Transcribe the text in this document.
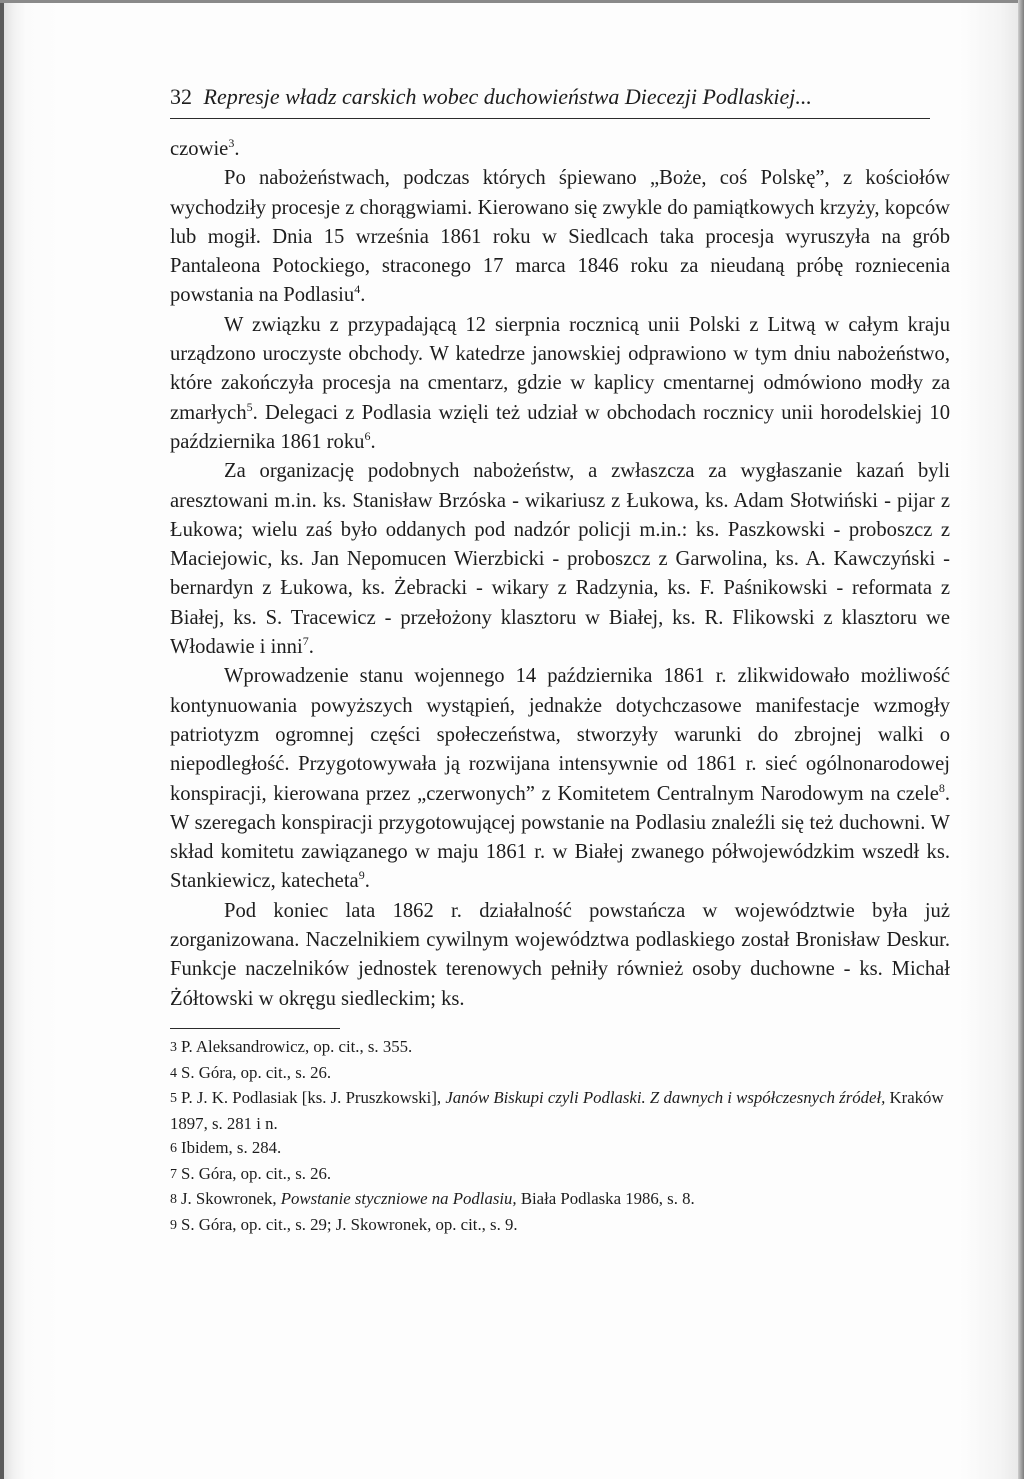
32 Represje władz carskich wobec duchowieństwa Diecezji Podlaskiej...

czowie$^3$.

Po nabożeństwach, podczas których śpiewano „Boże, coś Polskę”, z kościołów wychodziły procesje z chorągwiami. Kierowano się zwykle do pamiątkowych krzyży, kopców lub mogił. Dnia 15 września 1861 roku w Siedlcach taka procesja wyruszyła na grób Pantaleona Potockiego, straconego 17 marca 1846 roku za nieudaną próbę rozniecenia powstania na Podlasiu$^4$.

W związku z przypadającą 12 sierpnia rocznicą unii Polski z Litwą w całym kraju urządzono uroczyste obchody. W katedrze janowskiej odprawiono w tym dniu nabożeństwo, które zakończyła procesja na cmentarz, gdzie w kaplicy cmentarnej odmówiono modły za zmarłych$^5$. Delegaci z Podlasia wzięli też udział w obchodach rocznicy unii horodelskiej 10 października 1861 roku$^6$.

Za organizację podobnych nabożeństw, a zwłaszcza za wygłaszanie kazań byli aresztowani m.in. ks. Stanisław Brzóska - wikariusz z Łukowa, ks. Adam Słotwiński - pijar z Łukowa; wielu zaś było oddanych pod nadzór policji m.in.: ks. Paszkowski - proboszcz z Maciejowic, ks. Jan Nepomucen Wierzbicki - proboszcz z Garwolina, ks. A. Kawczyński - bernardyn z Łukowa, ks. Żebracki - wikary z Radzynia, ks. F. Paśnikowski - reformata z Białej, ks. S. Tracewicz - przełożony klasztoru w Białej, ks. R. Flikowski z klasztoru we Włodawie i inni$^7$.

Wprowadzenie stanu wojennego 14 października 1861 r. zlikwidowało możliwość kontynuowania powyższych wystąpień, jednakże dotychczasowe manifestacje wzmogły patriotyzm ogromnej części społeczeństwa, stworzyły warunki do zbrojnej walki o niepodległość. Przygotowywała ją rozwijana intensywnie od 1861 r. sieć ogólnonarodowej konspiracji, kierowana przez „czerwonych” z Komitetem Centralnym Narodowym na czele$^8$. W szeregach konspiracji przygotowującej powstanie na Podlasiu znaleźli się też duchowni. W skład komitetu zawiązanego w maju 1861 r. w Białej zwanego półwojewódzkim wszedł ks. Stankiewicz, katecheta$^9$.

Pod koniec lata 1862 r. działalność powstańcza w województwie była już zorganizowana. Naczelnikiem cywilnym województwa podlaskiego został Bronisław Deskur. Funkcje naczelników jednostek terenowych pełniły również osoby duchowne - ks. Michał Żółtowski w okręgu siedleckim; ks.

3 P. Aleksandrowicz, op. cit., s. 355.

4 S. Góra, op. cit., s. 26.

5 P. J. K. Podlasiak [ks. J. Pruszkowski], Janów Biskupi czyli Podlaski. Z dawnych i współczesnych źródeł, Kraków 1897, s. 281 i n.

6 Ibidem, s. 284.

7 S. Góra, op. cit., s. 26.

8 J. Skowronek, Powstanie styczniowe na Podlasiu, Biała Podlaska 1986, s. 8.

9 S. Góra, op. cit., s. 29; J. Skowronek, op. cit., s. 9.
